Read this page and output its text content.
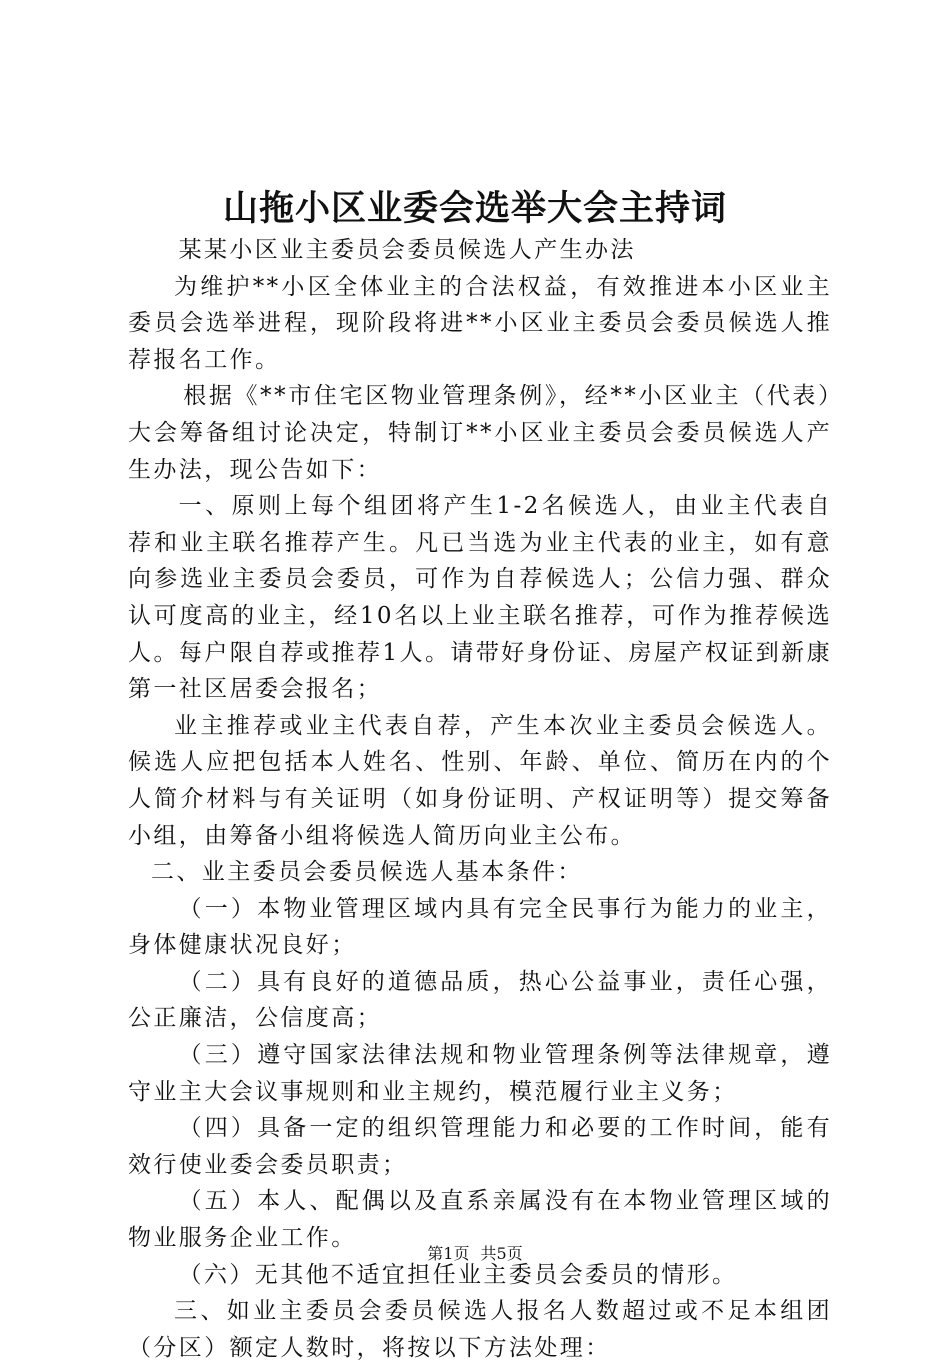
山拖小区业委会选举大会主持词

某某小区业主委员会委员候选人产生办法

为维护**小区全体业主的合法权益，有效推进本小区业主委员会选举进程，现阶段将进**小区业主委员会委员候选人推荐报名工作。

根据《**市住宅区物业管理条例》，经**小区业主（代表）大会筹备组讨论决定，特制订**小区业主委员会委员候选人产生办法，现公告如下：

一、原则上每个组团将产生1-2名候选人，由业主代表自荐和业主联名推荐产生。凡已当选为业主代表的业主，如有意向参选业主委员会委员，可作为自荐候选人；公信力强、群众认可度高的业主，经10名以上业主联名推荐，可作为推荐候选人。每户限自荐或推荐1人。请带好身份证、房屋产权证到新康第一社区居委会报名；

业主推荐或业主代表自荐，产生本次业主委员会候选人。候选人应把包括本人姓名、性别、年龄、单位、简历在内的个人简介材料与有关证明（如身份证明、产权证明等）提交筹备小组，由筹备小组将候选人简历向业主公布。

二、业主委员会委员候选人基本条件：

（一）本物业管理区域内具有完全民事行为能力的业主，身体健康状况良好；

（二）具有良好的道德品质，热心公益事业，责任心强，公正廉洁，公信度高；

（三）遵守国家法律法规和物业管理条例等法律规章，遵守业主大会议事规则和业主规约，模范履行业主义务；

（四）具备一定的组织管理能力和必要的工作时间，能有效行使业委会委员职责；

（五）本人、配偶以及直系亲属没有在本物业管理区域的物业服务企业工作。

（六）无其他不适宜担任业主委员会委员的情形。

三、如业主委员会委员候选人报名人数超过或不足本组团（分区）额定人数时，将按以下方法处理：

第1页 共5页
